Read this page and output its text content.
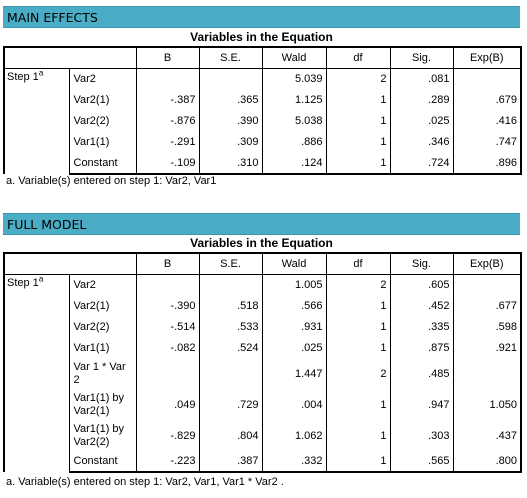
MAIN EFFECTS
Variables in the Equation
		B	S.E.	Wald	df	Sig.	Exp(B)
Step 1$^a$	Var2			5.039	2	.081	
	Var2(1)	-.387	.365	1.125	1	.289	.679
	Var2(2)	-.876	.390	5.038	1	.025	.416
	Var1(1)	-.291	.309	.886	1	.346	.747
	Constant	-.109	.310	.124	1	.724	.896
a. Variable(s) entered on step 1: Var2, Var1
FULL MODEL
Variables in the Equation
		B	S.E.	Wald	df	Sig.	Exp(B)
Step 1$^a$	Var2			1.005	2	.605	
	Var2(1)	-.390	.518	.566	1	.452	.677
	Var2(2)	-.514	.533	.931	1	.335	.598
	Var1(1)	-.082	.524	.025	1	.875	.921
	Var 1 * Var 2			1.447	2	.485	
	Var1(1) by Var2(1)	.049	.729	.004	1	.947	1.050
	Var1(1) by Var2(2)	-.829	.804	1.062	1	.303	.437
	Constant	-.223	.387	.332	1	.565	.800
a. Variable(s) entered on step 1: Var2, Var1, Var1 * Var2 .
